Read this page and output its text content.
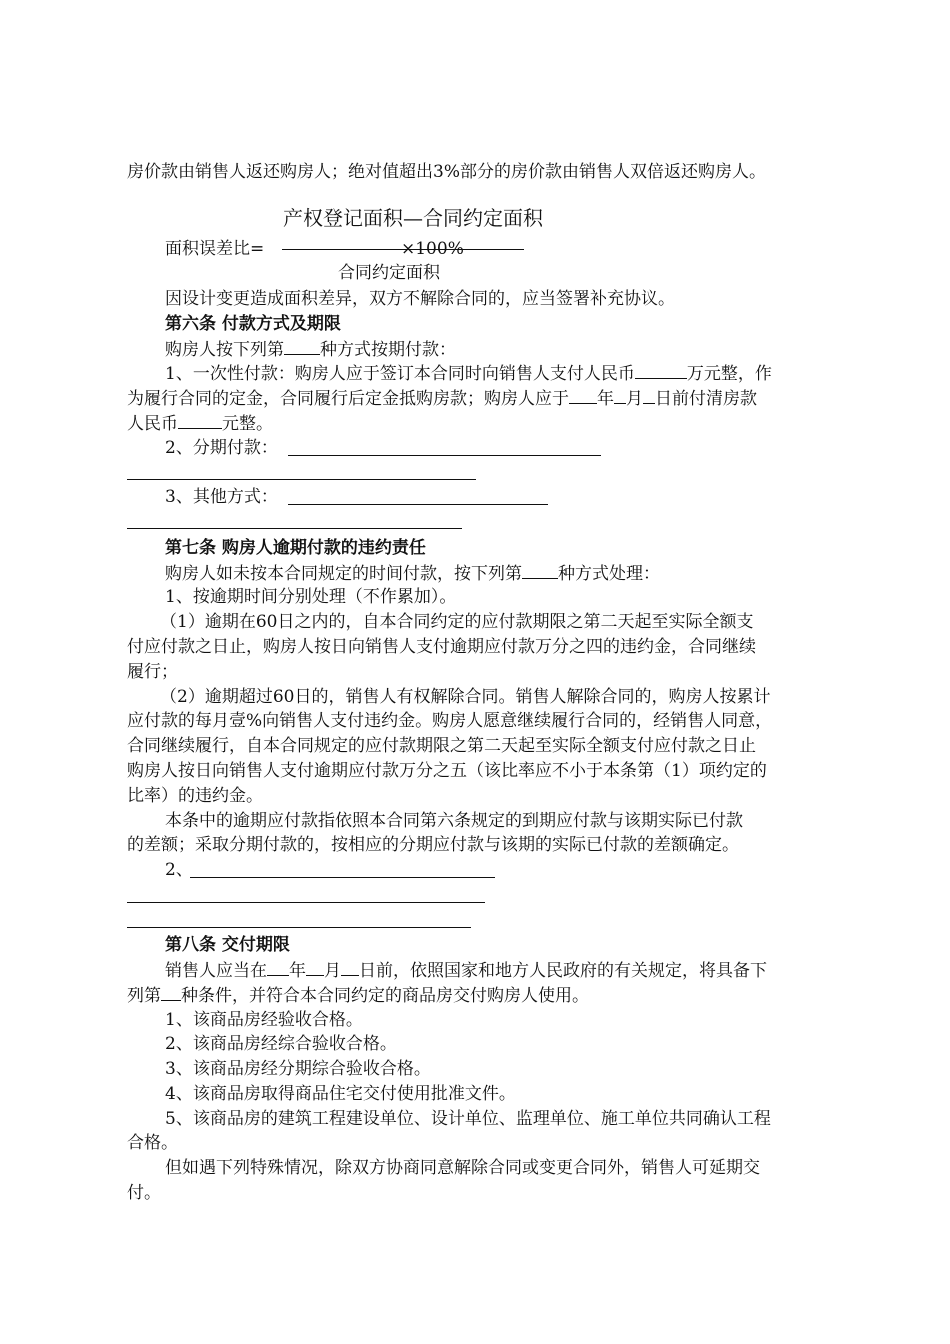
房价款由销售人返还购房人；绝对值超出3%部分的房价款由销售人双倍返还购房人。
产权登记面积—合同约定面积
面积误差比=	×100%
合同约定面积
因设计变更造成面积差异，双方不解除合同的，应当签署补充协议。
第六条 付款方式及期限
购房人按下列第 种方式按期付款：
1、一次性付款：购房人应于签订本合同时向销售人支付人民币	万元整，作
为履行合同的定金，合同履行后定金抵购房款；购房人应于 年 月 日前付清房款
人民币	元整。
2、分期付款：
3、其他方式：
第七条 购房人逾期付款的违约责任
购房人如未按本合同规定的时间付款，按下列第 种方式处理：
1、按逾期时间分别处理（不作累加）。
（1）逾期在60日之内的，自本合同约定的应付款期限之第二天起至实际全额支
付应付款之日止，购房人按日向销售人支付逾期应付款万分之四的违约金，合同继续
履行；
（2）逾期超过60日的，销售人有权解除合同。销售人解除合同的，购房人按累计
应付款的每月壹%向销售人支付违约金。购房人愿意继续履行合同的，经销售人同意，
合同继续履行，自本合同规定的应付款期限之第二天起至实际全额支付应付款之日止
购房人按日向销售人支付逾期应付款万分之五（该比率应不小于本条第（1）项约定的
比率）的违约金。
本条中的逾期应付款指依照本合同第六条规定的到期应付款与该期实际已付款
的差额；采取分期付款的，按相应的分期应付款与该期的实际已付款的差额确定。
2、
第八条 交付期限
销售人应当在 年 月 日前，依照国家和地方人民政府的有关规定，将具备下
列第 种条件，并符合本合同约定的商品房交付购房人使用。
1、该商品房经验收合格。
2、该商品房经综合验收合格。
3、该商品房经分期综合验收合格。
4、该商品房取得商品住宅交付使用批准文件。
5、该商品房的建筑工程建设单位、设计单位、监理单位、施工单位共同确认工程
合格。
但如遇下列特殊情况，除双方协商同意解除合同或变更合同外，销售人可延期交
付。
